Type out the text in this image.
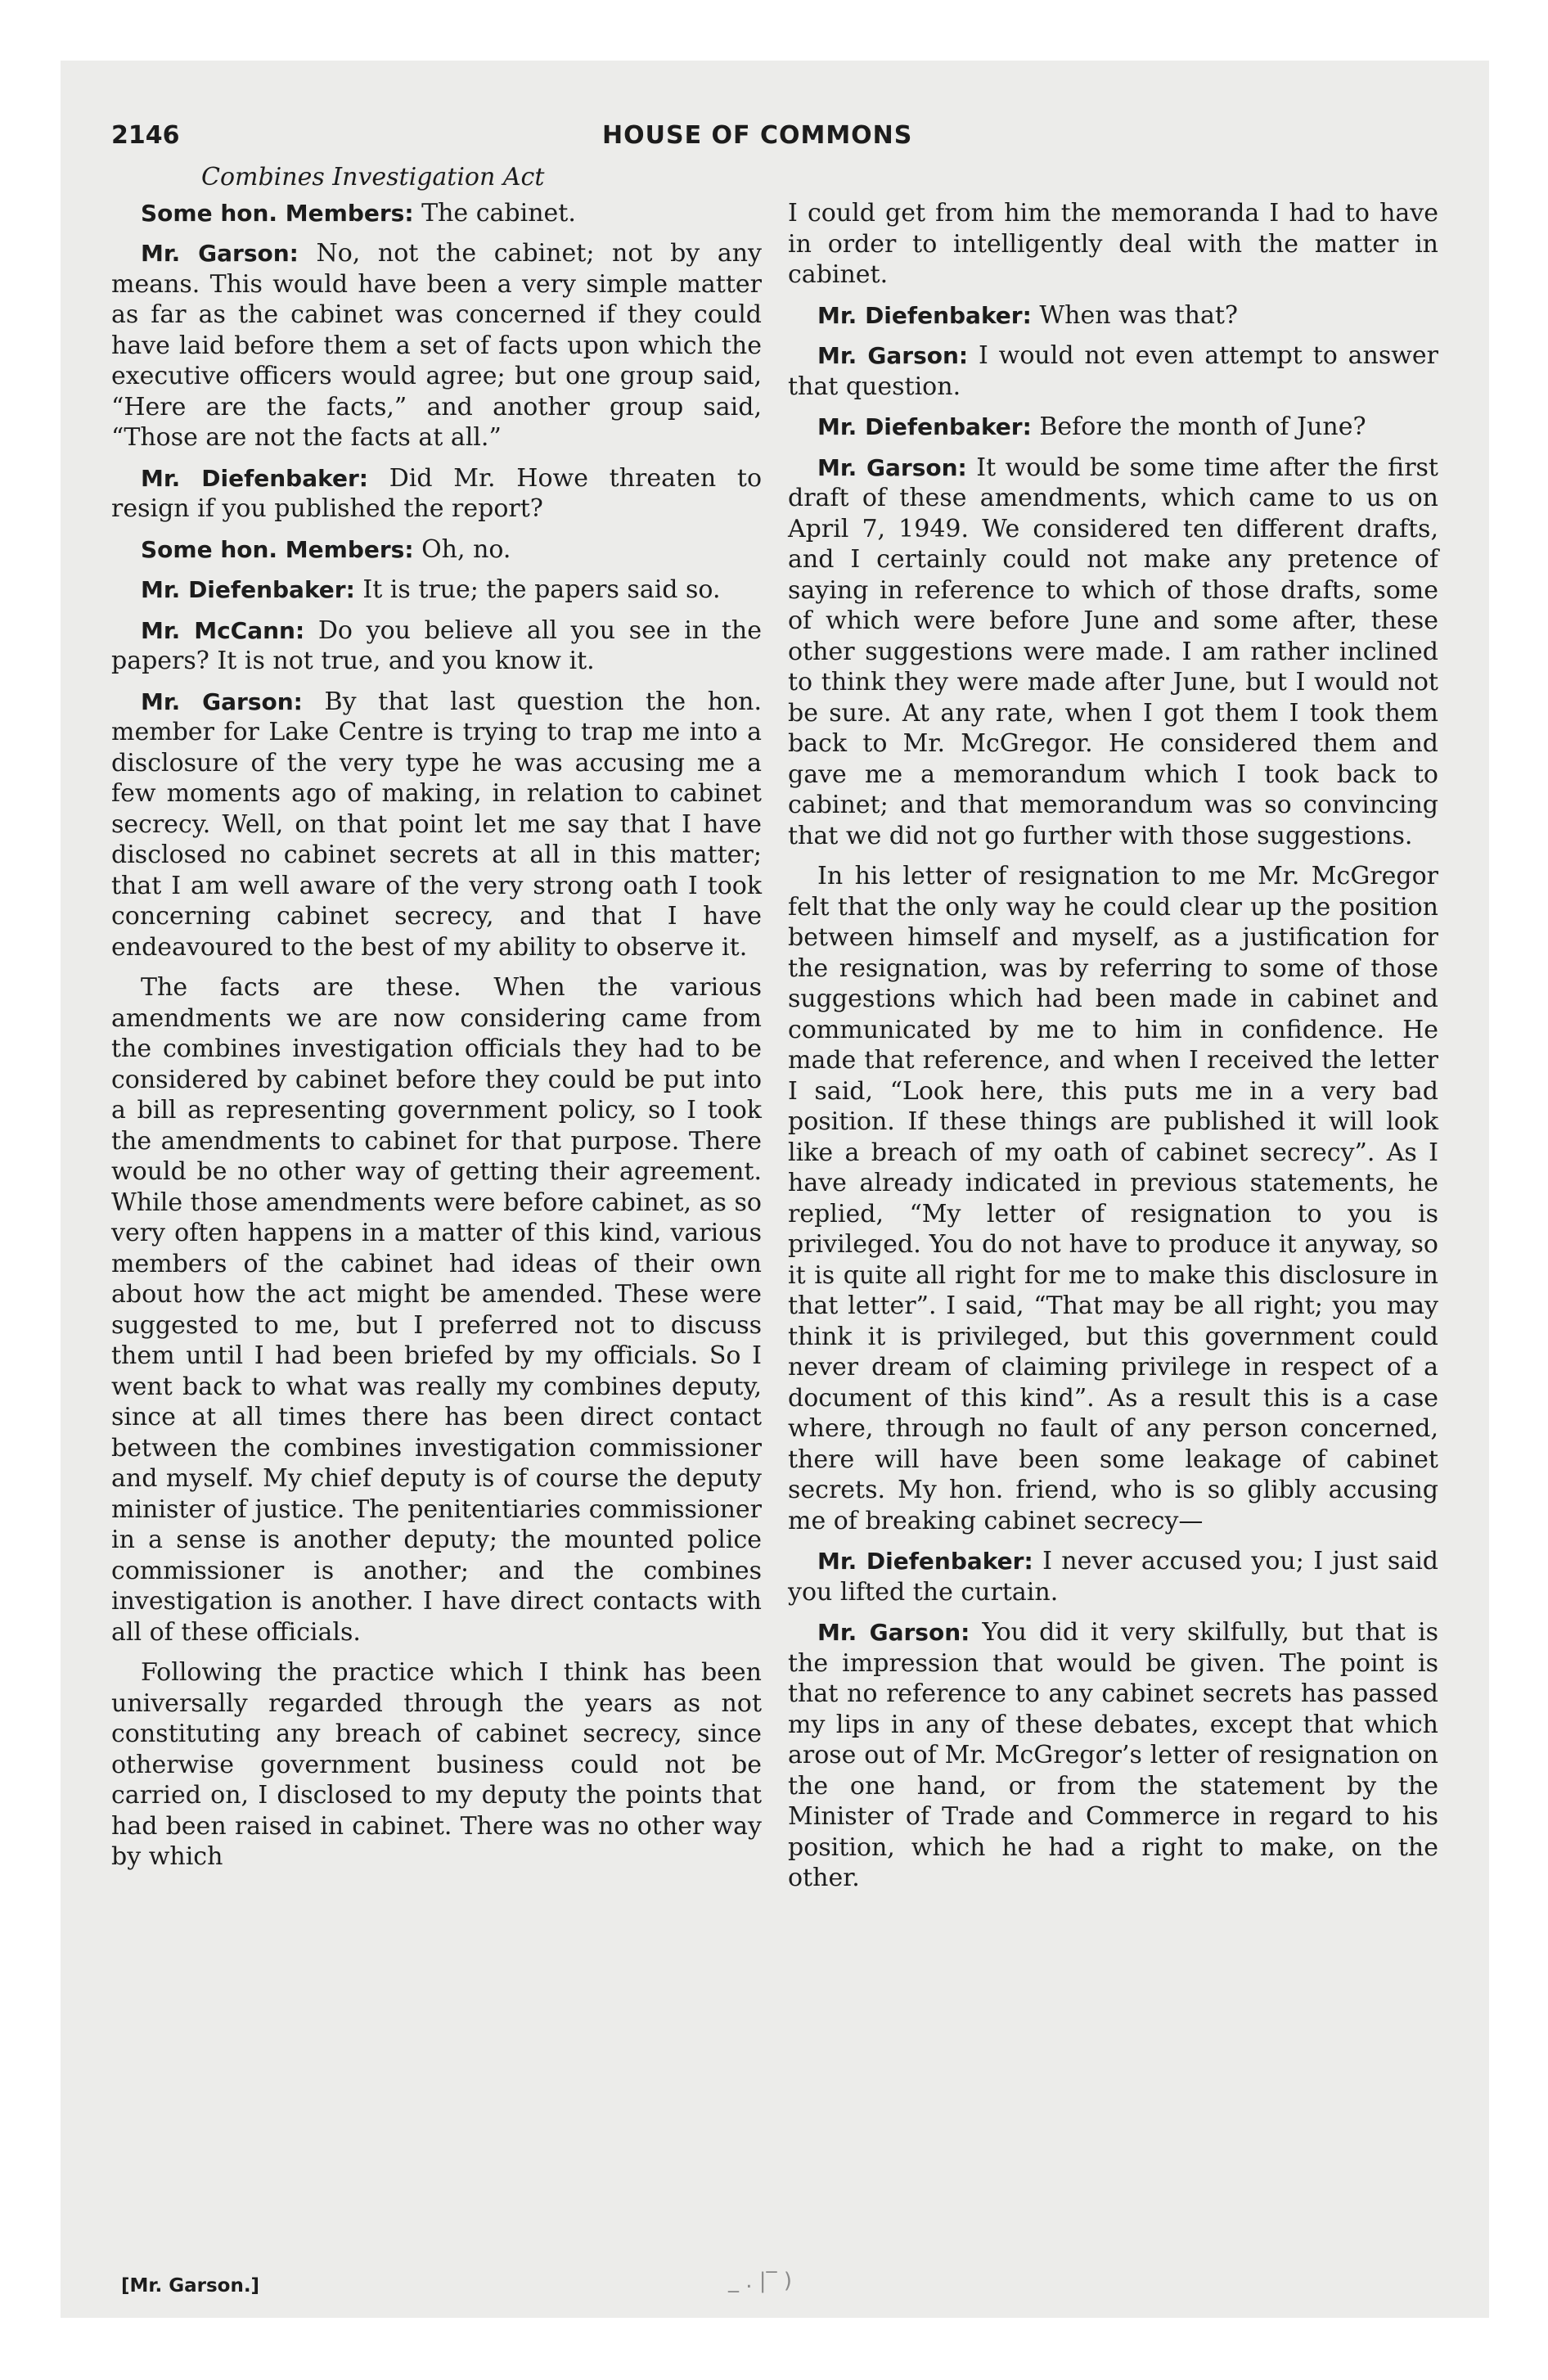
2146	HOUSE OF COMMONS
Combines Investigation Act

Some hon. Members: The cabinet.

Mr. Garson: No, not the cabinet; not by any means. This would have been a very simple matter as far as the cabinet was concerned if they could have laid before them a set of facts upon which the executive officers would agree; but one group said, “Here are the facts,” and another group said, “Those are not the facts at all.”

Mr. Diefenbaker: Did Mr. Howe threaten to resign if you published the report?

Some hon. Members: Oh, no.

Mr. Diefenbaker: It is true; the papers said so.

Mr. McCann: Do you believe all you see in the papers? It is not true, and you know it.

Mr. Garson: By that last question the hon. member for Lake Centre is trying to trap me into a disclosure of the very type he was accusing me a few moments ago of making, in relation to cabinet secrecy. Well, on that point let me say that I have disclosed no cabinet secrets at all in this matter; that I am well aware of the very strong oath I took concerning cabinet secrecy, and that I have endeavoured to the best of my ability to observe it.

The facts are these. When the various amendments we are now considering came from the combines investigation officials they had to be considered by cabinet before they could be put into a bill as representing government policy, so I took the amendments to cabinet for that purpose. There would be no other way of getting their agreement. While those amendments were before cabinet, as so very often happens in a matter of this kind, various members of the cabinet had ideas of their own about how the act might be amended. These were suggested to me, but I preferred not to discuss them until I had been briefed by my officials. So I went back to what was really my combines deputy, since at all times there has been direct contact between the combines investigation commissioner and myself. My chief deputy is of course the deputy minister of justice. The penitentiaries commissioner in a sense is another deputy; the mounted police commissioner is another; and the combines investigation is another. I have direct contacts with all of these officials.

Following the practice which I think has been universally regarded through the years as not constituting any breach of cabinet secrecy, since otherwise government business could not be carried on, I disclosed to my deputy the points that had been raised in cabinet. There was no other way by which

I could get from him the memoranda I had to have in order to intelligently deal with the matter in cabinet.

Mr. Diefenbaker: When was that?

Mr. Garson: I would not even attempt to answer that question.

Mr. Diefenbaker: Before the month of June?

Mr. Garson: It would be some time after the first draft of these amendments, which came to us on April 7, 1949. We considered ten different drafts, and I certainly could not make any pretence of saying in reference to which of those drafts, some of which were before June and some after, these other suggestions were made. I am rather inclined to think they were made after June, but I would not be sure. At any rate, when I got them I took them back to Mr. McGregor. He considered them and gave me a memorandum which I took back to cabinet; and that memorandum was so convincing that we did not go further with those suggestions.

In his letter of resignation to me Mr. McGregor felt that the only way he could clear up the position between himself and myself, as a justification for the resignation, was by referring to some of those suggestions which had been made in cabinet and communicated by me to him in confidence. He made that reference, and when I received the letter I said, “Look here, this puts me in a very bad position. If these things are published it will look like a breach of my oath of cabinet secrecy”. As I have already indicated in previous statements, he replied, “My letter of resignation to you is privileged. You do not have to produce it anyway, so it is quite all right for me to make this disclosure in that letter”. I said, “That may be all right; you may think it is privileged, but this government could never dream of claiming privilege in respect of a document of this kind”. As a result this is a case where, through no fault of any person concerned, there will have been some leakage of cabinet secrets. My hon. friend, who is so glibly accusing me of breaking cabinet secrecy—

Mr. Diefenbaker: I never accused you; I just said you lifted the curtain.

Mr. Garson: You did it very skilfully, but that is the impression that would be given. The point is that no reference to any cabinet secrets has passed my lips in any of these debates, except that which arose out of Mr. McGregor’s letter of resignation on the one hand, or from the statement by the Minister of Trade and Commerce in regard to his position, which he had a right to make, on the other.

[Mr. Garson.]	_ . |‾ )
